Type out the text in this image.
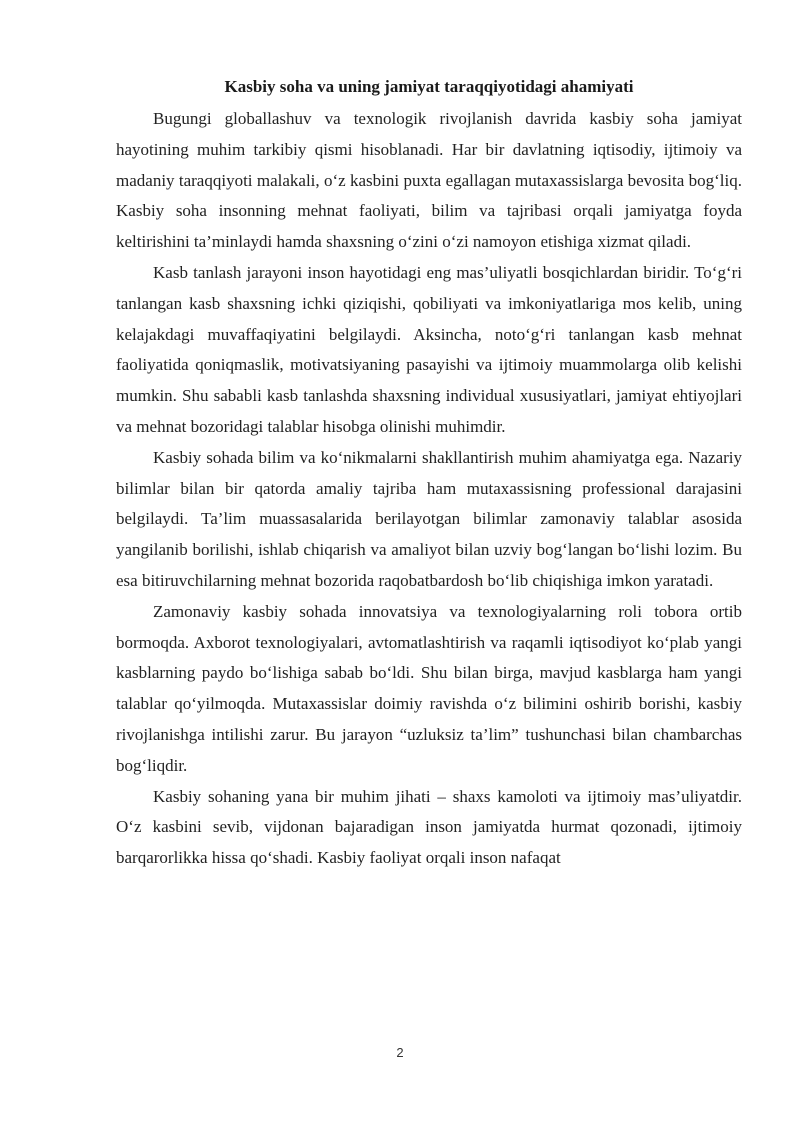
Kasbiy soha va uning jamiyat taraqqiyotidagi ahamiyati

Bugungi globallashuv va texnologik rivojlanish davrida kasbiy soha jamiyat hayotining muhim tarkibiy qismi hisoblanadi. Har bir davlatning iqtisodiy, ijtimoiy va madaniy taraqqiyoti malakali, o‘z kasbini puxta egallagan mutaxassislarga bevosita bog‘liq. Kasbiy soha insonning mehnat faoliyati, bilim va tajribasi orqali jamiyatga foyda keltirishini ta’minlaydi hamda shaxsning o‘zini o‘zi namoyon etishiga xizmat qiladi.

Kasb tanlash jarayoni inson hayotidagi eng mas’uliyatli bosqichlardan biridir. To‘g‘ri tanlangan kasb shaxsning ichki qiziqishi, qobiliyati va imkoniyatlariga mos kelib, uning kelajakdagi muvaffaqiyatini belgilaydi. Aksincha, noto‘g‘ri tanlangan kasb mehnat faoliyatida qoniqmaslik, motivatsiyaning pasayishi va ijtimoiy muammolarga olib kelishi mumkin. Shu sababli kasb tanlashda shaxsning individual xususiyatlari, jamiyat ehtiyojlari va mehnat bozoridagi talablar hisobga olinishi muhimdir.

Kasbiy sohada bilim va ko‘nikmalarni shakllantirish muhim ahamiyatga ega. Nazariy bilimlar bilan bir qatorda amaliy tajriba ham mutaxassisning professional darajasini belgilaydi. Ta’lim muassasalarida berilayotgan bilimlar zamonaviy talablar asosida yangilanib borilishi, ishlab chiqarish va amaliyot bilan uzviy bog‘langan bo‘lishi lozim. Bu esa bitiruvchilarning mehnat bozorida raqobatbardosh bo‘lib chiqishiga imkon yaratadi.

Zamonaviy kasbiy sohada innovatsiya va texnologiyalarning roli tobora ortib bormoqda. Axborot texnologiyalari, avtomatlashtirish va raqamli iqtisodiyot ko‘plab yangi kasblarning paydo bo‘lishiga sabab bo‘ldi. Shu bilan birga, mavjud kasblarga ham yangi talablar qo‘yilmoqda. Mutaxassislar doimiy ravishda o‘z bilimini oshirib borishi, kasbiy rivojlanishga intilishi zarur. Bu jarayon “uzluksiz ta’lim” tushunchasi bilan chambarchas bog‘liqdir.

Kasbiy sohaning yana bir muhim jihati – shaxs kamoloti va ijtimoiy mas’uliyatdir. O‘z kasbini sevib, vijdonan bajaradigan inson jamiyatda hurmat qozonadi, ijtimoiy barqarorlikka hissa qo‘shadi. Kasbiy faoliyat orqali inson nafaqat

2
